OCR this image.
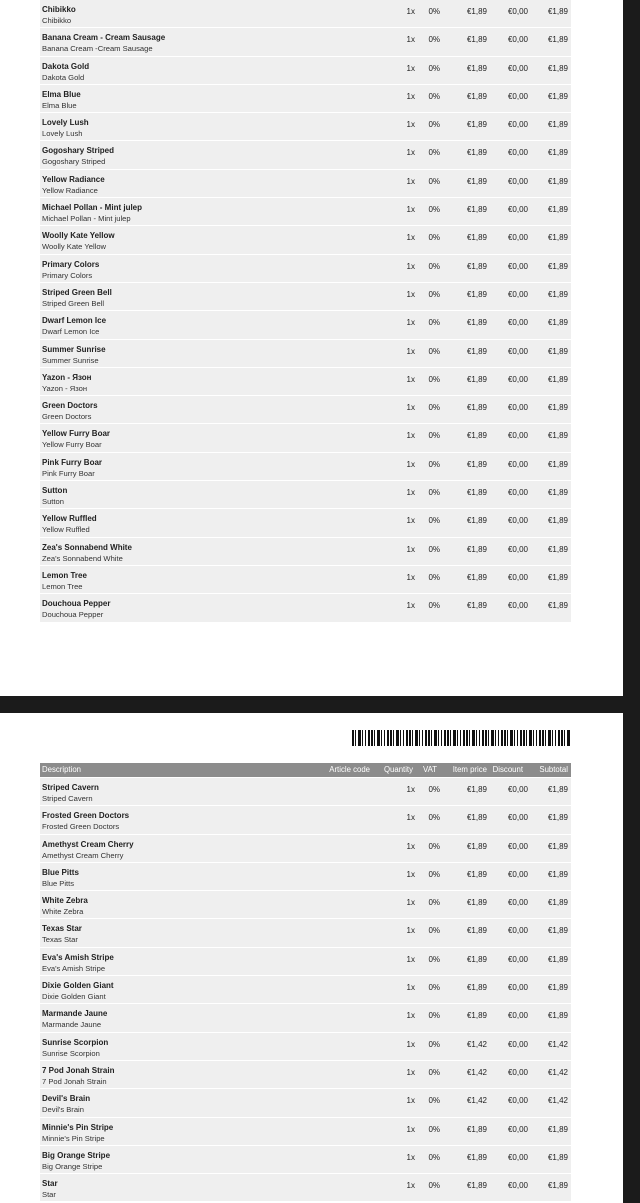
Chibikko
Chibikko
1x 0%	€1,89	€0,00 €1,89
Banana Cream - Cream Sausage
Banana Cream -Cream Sausage
1x 0%	€1,89	€0,00 €1,89
Dakota Gold
Dakota Gold
1x 0%	€1,89	€0,00 €1,89
Elma Blue
Elma Blue
1x 0%	€1,89	€0,00 €1,89
Lovely Lush
Lovely Lush
1x 0%	€1,89	€0,00 €1,89
Gogoshary Striped
Gogoshary Striped
1x 0%	€1,89	€0,00 €1,89
Yellow Radiance
Yellow Radiance
1x 0%	€1,89	€0,00 €1,89
Michael Pollan - Mint julep
Michael Pollan - Mint julep
1x 0%	€1,89	€0,00 €1,89
Woolly Kate Yellow
Woolly Kate Yellow
1x 0%	€1,89	€0,00 €1,89
Primary Colors
Primary Colors
1x 0%	€1,89	€0,00 €1,89
Striped Green Bell
Striped Green Bell
1x 0%	€1,89	€0,00 €1,89
Dwarf Lemon Ice
Dwarf Lemon Ice
1x 0%	€1,89	€0,00 €1,89
Summer Sunrise
Summer Sunrise
1x 0%	€1,89	€0,00 €1,89
Yazon - Язон
Yazon - Язон
1x 0%	€1,89	€0,00 €1,89
Green Doctors
Green Doctors
1x 0%	€1,89	€0,00 €1,89
Yellow Furry Boar
Yellow Furry Boar
1x 0%	€1,89	€0,00 €1,89
Pink Furry Boar
Pink Furry Boar
1x 0%	€1,89	€0,00 €1,89
Sutton
Sutton
1x 0%	€1,89	€0,00 €1,89
Yellow Ruffled
Yellow Ruffled
1x 0%	€1,89	€0,00 €1,89
Zea's Sonnabend White
Zea's Sonnabend White
1x 0%	€1,89	€0,00 €1,89
Lemon Tree
Lemon Tree
1x 0%	€1,89	€0,00 €1,89
Douchoua Pepper
Douchoua Pepper
1x 0%	€1,89	€0,00 €1,89
Description	Article code Quantity VAT Item price Discount Subtotal
Striped Cavern
Striped Cavern
1x 0%	€1,89	€0,00 €1,89
Frosted Green Doctors
Frosted Green Doctors
1x 0%	€1,89	€0,00 €1,89
Amethyst Cream Cherry
Amethyst Cream Cherry
1x 0%	€1,89	€0,00 €1,89
Blue Pitts
Blue Pitts
1x 0%	€1,89	€0,00 €1,89
White Zebra
White Zebra
1x 0%	€1,89	€0,00 €1,89
Texas Star
Texas Star
1x 0%	€1,89	€0,00 €1,89
Eva's Amish Stripe
Eva's Amish Stripe
1x 0%	€1,89	€0,00 €1,89
Dixie Golden Giant
Dixie Golden Giant
1x 0%	€1,89	€0,00 €1,89
Marmande Jaune
Marmande Jaune
1x 0%	€1,89	€0,00 €1,89
Sunrise Scorpion
Sunrise Scorpion
1x 0%	€1,42	€0,00 €1,42
7 Pod Jonah Strain
7 Pod Jonah Strain
1x 0%	€1,42	€0,00 €1,42
Devil's Brain
Devil's Brain
1x 0%	€1,42	€0,00 €1,42
Minnie's Pin Stripe
Minnie's Pin Stripe
1x 0%	€1,89	€0,00 €1,89
Big Orange Stripe
Big Orange Stripe
1x 0%	€1,89	€0,00 €1,89
Star
Star
1x 0%	€1,89	€0,00 €1,89
